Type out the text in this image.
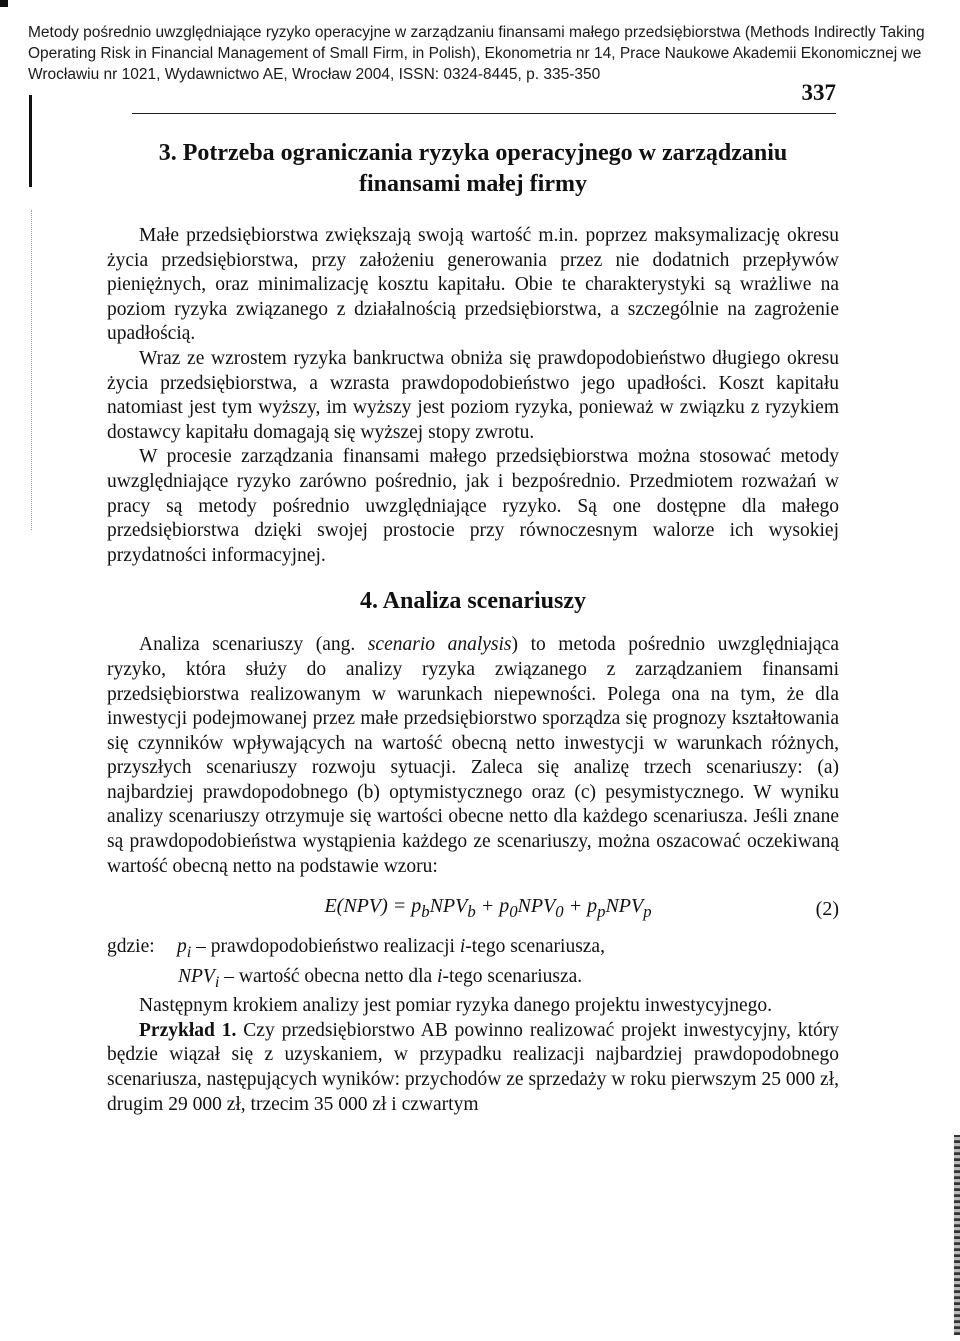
Metody pośrednio uwzględniające ryzyko operacyjne w zarządzaniu finansami małego przedsiębiorstwa (Methods Indirectly Taking Operating Risk in Financial Management of Small Firm, in Polish), Ekonometria nr 14, Prace Naukowe Akademii Ekonomicznej we Wrocławiu nr 1021, Wydawnictwo AE, Wrocław 2004, ISSN: 0324-8445, p. 335-350
337
3. Potrzeba ograniczania ryzyka operacyjnego w zarządzaniu finansami małej firmy

Małe przedsiębiorstwa zwiększają swoją wartość m.in. poprzez maksymalizację okresu życia przedsiębiorstwa, przy założeniu generowania przez nie dodatnich przepływów pieniężnych, oraz minimalizację kosztu kapitału. Obie te charakterystyki są wrażliwe na poziom ryzyka związanego z działalnością przedsiębiorstwa, a szczególnie na zagrożenie upadłością.

Wraz ze wzrostem ryzyka bankructwa obniża się prawdopodobieństwo długiego okresu życia przedsiębiorstwa, a wzrasta prawdopodobieństwo jego upadłości. Koszt kapitału natomiast jest tym wyższy, im wyższy jest poziom ryzyka, ponieważ w związku z ryzykiem dostawcy kapitału domagają się wyższej stopy zwrotu.

W procesie zarządzania finansami małego przedsiębiorstwa można stosować metody uwzględniające ryzyko zarówno pośrednio, jak i bezpośrednio. Przedmiotem rozważań w pracy są metody pośrednio uwzględniające ryzyko. Są one dostępne dla małego przedsiębiorstwa dzięki swojej prostocie przy równoczesnym walorze ich wysokiej przydatności informacyjnej.

4. Analiza scenariuszy

Analiza scenariuszy (ang. scenario analysis) to metoda pośrednio uwzględniająca ryzyko, która służy do analizy ryzyka związanego z zarządzaniem finansami przedsiębiorstwa realizowanym w warunkach niepewności. Polega ona na tym, że dla inwestycji podejmowanej przez małe przedsiębiorstwo sporządza się prognozy kształtowania się czynników wpływających na wartość obecną netto inwestycji w warunkach różnych, przyszłych scenariuszy rozwoju sytuacji. Zaleca się analizę trzech scenariuszy: (a) najbardziej prawdopodobnego (b) optymistycznego oraz (c) pesymistycznego. W wyniku analizy scenariuszy otrzymuje się wartości obecne netto dla każdego scenariusza. Jeśli znane są prawdopodobieństwa wystąpienia każdego ze scenariuszy, można oszacować oczekiwaną wartość obecną netto na podstawie wzoru:

$E(NPV) = p_bNPV_b + p_0NPV_0 + p_pNPV_p$	(2)
gdzie:	$p_i$ – prawdopodobieństwo realizacji i-tego scenariusza,
$NPV_i$ – wartość obecna netto dla i-tego scenariusza.

Następnym krokiem analizy jest pomiar ryzyka danego projektu inwestycyjnego.

Przykład 1. Czy przedsiębiorstwo AB powinno realizować projekt inwestycyjny, który będzie wiązał się z uzyskaniem, w przypadku realizacji najbardziej prawdopodobnego scenariusza, następujących wyników: przychodów ze sprzedaży w roku pierwszym 25 000 zł, drugim 29 000 zł, trzecim 35 000 zł i czwartym
